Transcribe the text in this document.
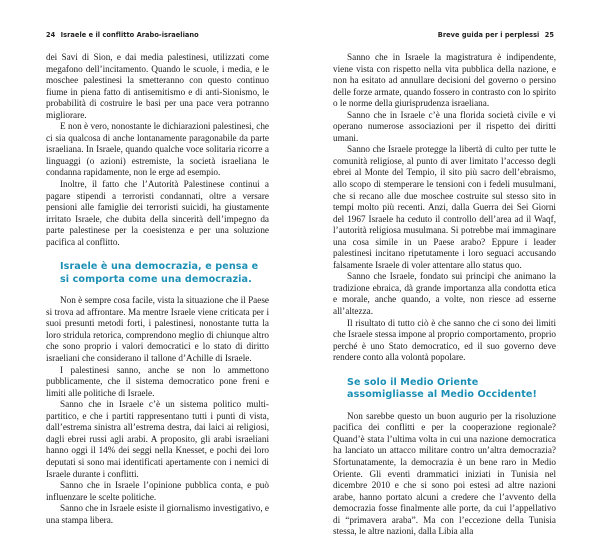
24 Israele e il conflitto Arabo-israeliano

dei Savi di Sion, e dai media palestinesi, utilizzati come megafono dell’incitamento. Quando le scuole, i media, e le moschee palestinesi la smetteranno con questo continuo fiume in piena fatto di antisemitismo e di anti-Sionismo, le probabilità di costruire le basi per una pace vera potranno migliorare.

E non è vero, nonostante le dichiarazioni palestinesi, che ci sia qualcosa di anche lontanamente paragonabile da parte israeliana. In Israele, quando qualche voce solitaria ricorre a linguaggi (o azioni) estremiste, la società israeliana le condanna rapidamente, non le erge ad esempio.

Inoltre, il fatto che l’Autorità Palestinese continui a pagare stipendi a terroristi condannati, oltre a versare pensioni alle famiglie dei terroristi suicidi, ha giustamente irritato Israele, che dubita della sincerità dell’impegno da parte palestinese per la coesistenza e per una soluzione pacifica al conflitto.

Israele è una democrazia, e pensa e si comporta come una democrazia.

Non è sempre cosa facile, vista la situazione che il Paese si trova ad affrontare. Ma mentre Israele viene criticata per i suoi presunti metodi forti, i palestinesi, nonostante tutta la loro stridula retorica, comprendono meglio di chiunque altro che sono proprio i valori democratici e lo stato di diritto israeliani che considerano il tallone d’Achille di Israele.

I palestinesi sanno, anche se non lo ammettono pubblicamente, che il sistema democratico pone freni e limiti alle politiche di Israele.

Sanno che in Israele c’è un sistema politico multi-partitico, e che i partiti rappresentano tutti i punti di vista, dall’estrema sinistra all’estrema destra, dai laici ai religiosi, dagli ebrei russi agli arabi. A proposito, gli arabi israeliani hanno oggi il 14% dei seggi nella Knesset, e pochi dei loro deputati si sono mai identificati apertamente con i nemici di Israele durante i conflitti.

Sanno che in Israele l’opinione pubblica conta, e può influenzare le scelte politiche.

Sanno che in Israele esiste il giornalismo investigativo, e una stampa libera.

Breve guida per i perplessi 25

Sanno che in Israele la magistratura è indipendente, viene vista con rispetto nella vita pubblica della nazione, e non ha esitato ad annullare decisioni del governo o persino delle forze armate, quando fossero in contrasto con lo spirito o le norme della giurisprudenza israeliana.

Sanno che in Israele c’è una florida società civile e vi operano numerose associazioni per il rispetto dei diritti umani.

Sanno che Israele protegge la libertà di culto per tutte le comunità religiose, al punto di aver limitato l’accesso degli ebrei al Monte del Tempio, il sito più sacro dell’ebraismo, allo scopo di stemperare le tensioni con i fedeli musulmani, che si recano alle due moschee costruite sul stesso sito in tempi molto più recenti. Anzi, dalla Guerra dei Sei Giorni del 1967 Israele ha ceduto il controllo dell’area ad il Waqf, l’autorità religiosa musulmana. Si potrebbe mai immaginare una cosa simile in un Paese arabo? Eppure i leader palestinesi incitano ripetutamente i loro seguaci accusando falsamente Israele di voler attentare allo status quo.

Sanno che Israele, fondato sui principi che animano la tradizione ebraica, dà grande importanza alla condotta etica e morale, anche quando, a volte, non riesce ad esserne all’altezza.

Il risultato di tutto ciò è che sanno che ci sono dei limiti che Israele stessa impone al proprio comportamento, proprio perché è uno Stato democratico, ed il suo governo deve rendere conto alla volontà popolare.

Se solo il Medio Oriente assomigliasse al Medio Occidente!

Non sarebbe questo un buon augurio per la risoluzione pacifica dei conflitti e per la cooperazione regionale? Quand’è stata l’ultima volta in cui una nazione democratica ha lanciato un attacco militare contro un’altra democrazia? Sfortunatamente, la democrazia è un bene raro in Medio Oriente. Gli eventi drammatici iniziati in Tunisia nel dicembre 2010 e che si sono poi estesi ad altre nazioni arabe, hanno portato alcuni a credere che l’avvento della democrazia fosse finalmente alle porte, da cui l’appellativo di “primavera araba”. Ma con l’eccezione della Tunisia stessa, le altre nazioni, dalla Libia alla
